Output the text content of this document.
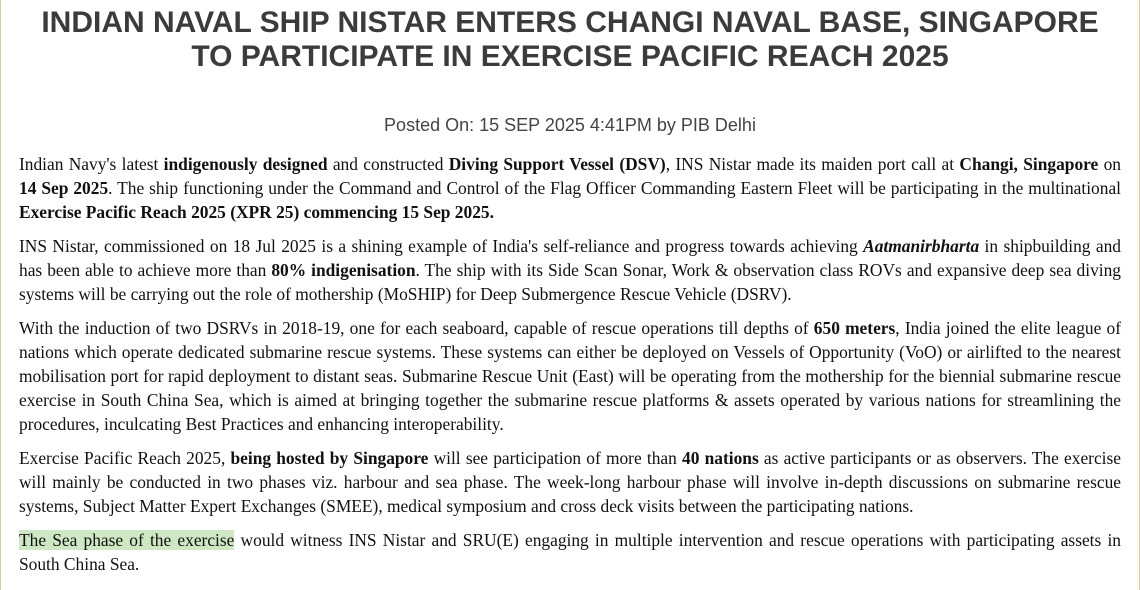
INDIAN NAVAL SHIP NISTAR ENTERS CHANGI NAVAL BASE, SINGAPORE TO PARTICIPATE IN EXERCISE PACIFIC REACH 2025
Posted On: 15 SEP 2025 4:41PM by PIB Delhi

Indian Navy's latest indigenously designed and constructed Diving Support Vessel (DSV), INS Nistar made its maiden port call at Changi, Singapore on 14 Sep 2025. The ship functioning under the Command and Control of the Flag Officer Commanding Eastern Fleet will be participating in the multinational Exercise Pacific Reach 2025 (XPR 25) commencing 15 Sep 2025.

INS Nistar, commissioned on 18 Jul 2025 is a shining example of India's self-reliance and progress towards achieving Aatmanirbharta in shipbuilding and has been able to achieve more than 80% indigenisation. The ship with its Side Scan Sonar, Work & observation class ROVs and expansive deep sea diving systems will be carrying out the role of mothership (MoSHIP) for Deep Submergence Rescue Vehicle (DSRV).

With the induction of two DSRVs in 2018-19, one for each seaboard, capable of rescue operations till depths of 650 meters, India joined the elite league of nations which operate dedicated submarine rescue systems. These systems can either be deployed on Vessels of Opportunity (VoO) or airlifted to the nearest mobilisation port for rapid deployment to distant seas. Submarine Rescue Unit (East) will be operating from the mothership for the biennial submarine rescue exercise in South China Sea, which is aimed at bringing together the submarine rescue platforms & assets operated by various nations for streamlining the procedures, inculcating Best Practices and enhancing interoperability.

Exercise Pacific Reach 2025, being hosted by Singapore will see participation of more than 40 nations as active participants or as observers. The exercise will mainly be conducted in two phases viz. harbour and sea phase. The week-long harbour phase will involve in-depth discussions on submarine rescue systems, Subject Matter Expert Exchanges (SMEE), medical symposium and cross deck visits between the participating nations.

The Sea phase of the exercise would witness INS Nistar and SRU(E) engaging in multiple intervention and rescue operations with participating assets in South China Sea.
